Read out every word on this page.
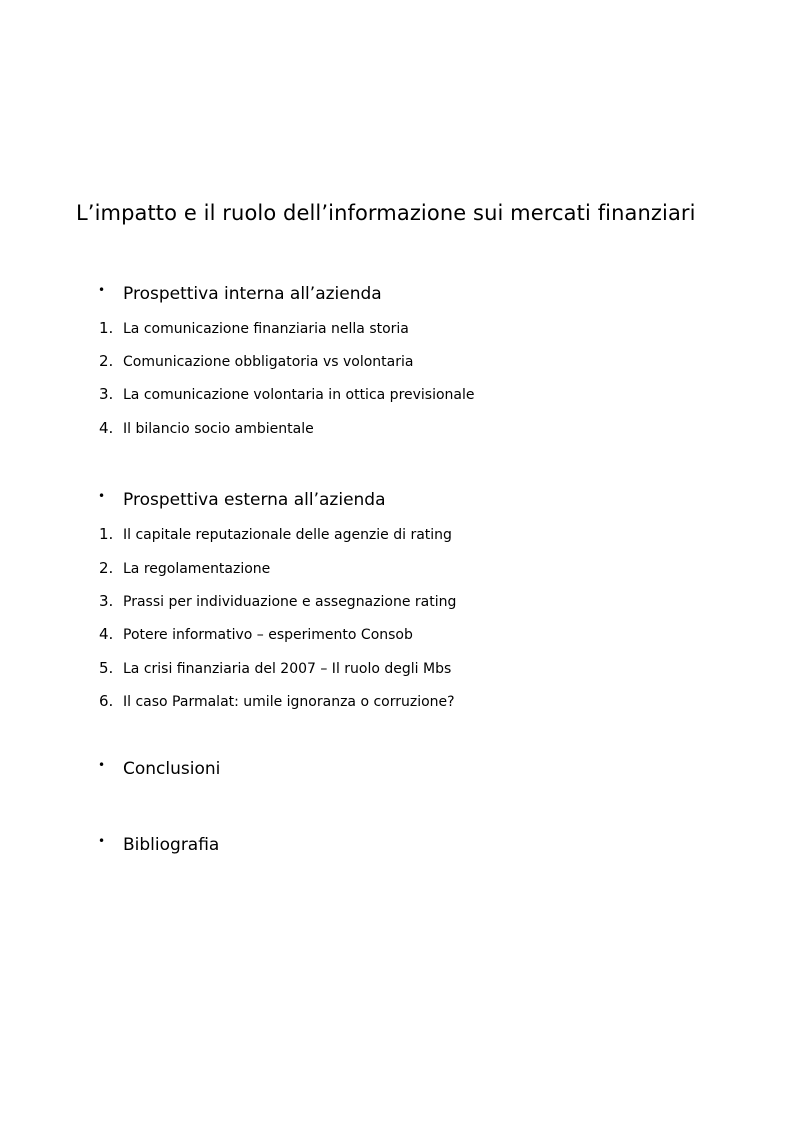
L’impatto e il ruolo dell’informazione sui mercati finanziari
• Prospettiva interna all’azienda
1. La comunicazione finanziaria nella storia
2. Comunicazione obbligatoria vs volontaria
3. La comunicazione volontaria in ottica previsionale
4. Il bilancio socio ambientale
• Prospettiva esterna all’azienda
1. Il capitale reputazionale delle agenzie di rating
2. La regolamentazione
3. Prassi per individuazione e assegnazione rating
4. Potere informativo – esperimento Consob
5. La crisi finanziaria del 2007 – Il ruolo degli Mbs
6. Il caso Parmalat: umile ignoranza o corruzione?
• Conclusioni
• Bibliografia
